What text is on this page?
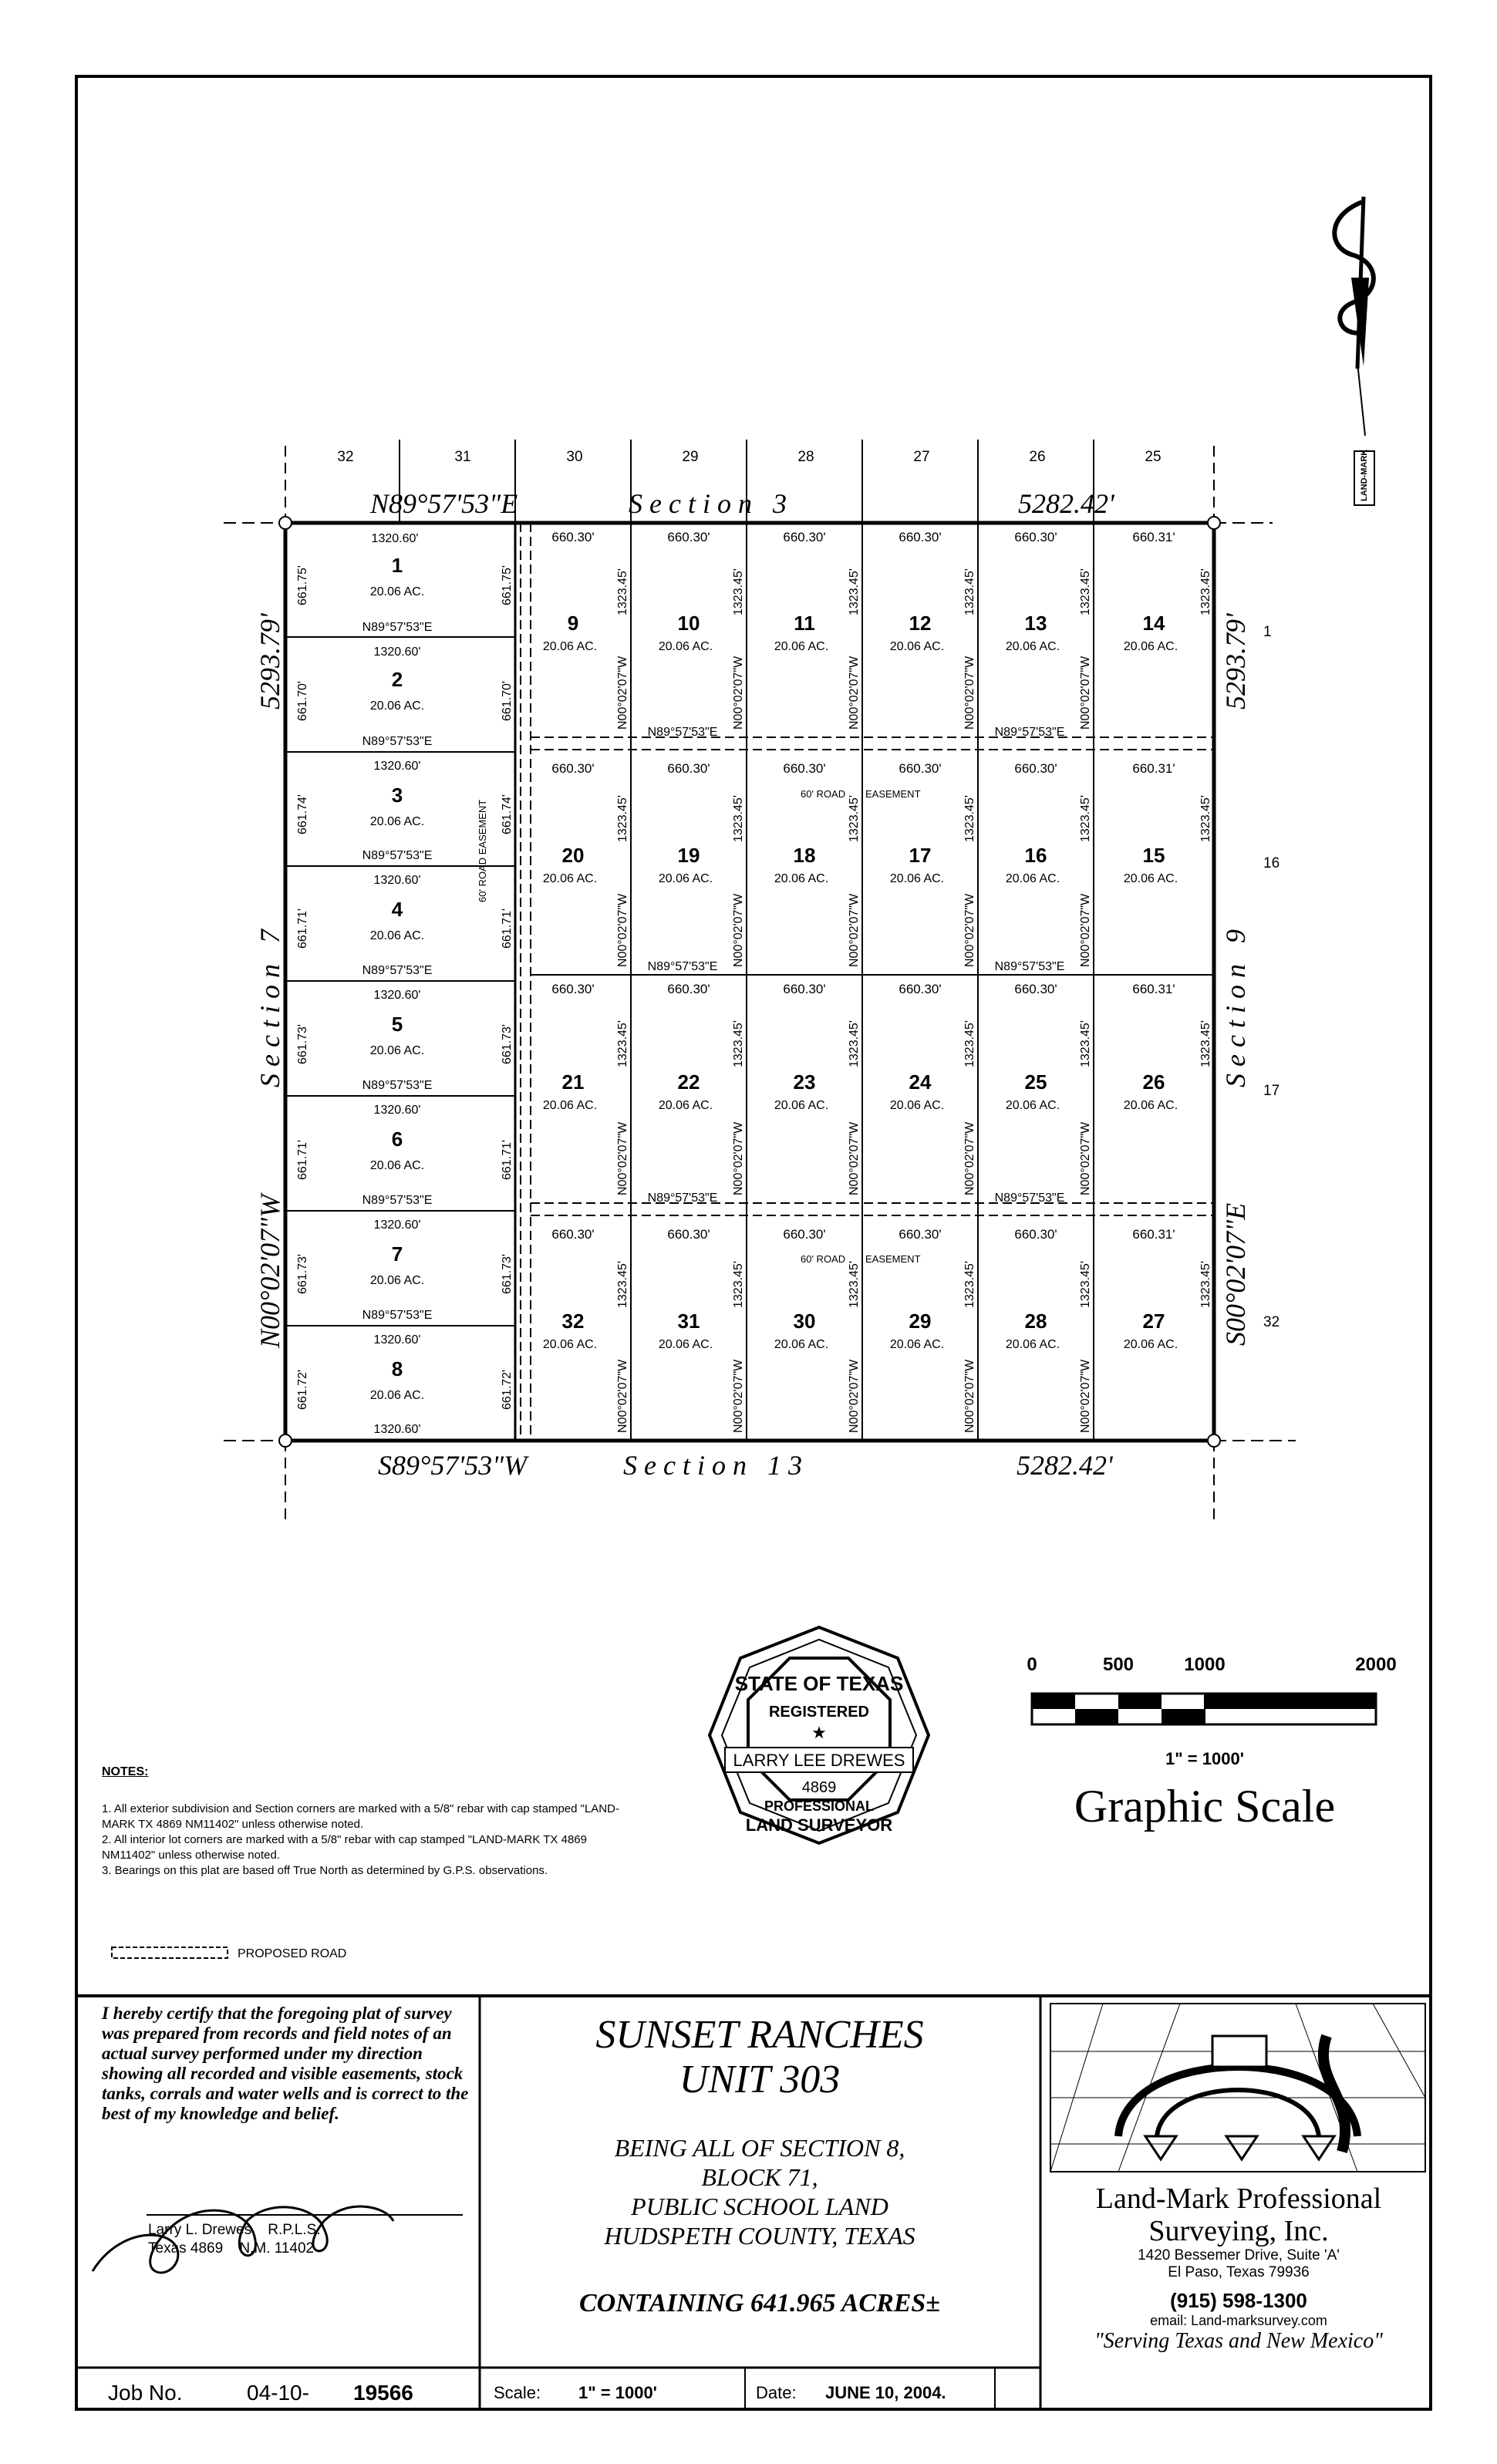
LAND-MARK
32	31	30	29	28	27	26	25
1
16
17
32
N89°57'53"E	S e c t i o n   3	5282.42'
S89°57'53"W	S e c t i o n   1 3	5282.42'
N00°02'07"W
5293.79'
S e c t i o n   7
S00°02'07"E
5293.79'
S e c t i o n   9
1320.60'
1
20.06 AC.
N89°57'53"E
1320.60'
2
20.06 AC.
N89°57'53"E
1320.60'
3
20.06 AC.
N89°57'53"E
1320.60'
4
20.06 AC.
N89°57'53"E
1320.60'
5
20.06 AC.
N89°57'53"E
1320.60'
6
20.06 AC.
N89°57'53"E
1320.60'
7
20.06 AC.
N89°57'53"E
1320.60'
8
20.06 AC.
1320.60'
661.75'
661.70'
661.74'
661.71'
661.73'
661.71'
661.73'
661.72'
661.75'
661.70'
661.74'
661.71'
661.73'
661.71'
661.73'
661.72'
60' ROAD EASEMENT
660.30'
9
20.06 AC.
1323.45'
N00°02'07"W
660.30'
10
20.06 AC.
1323.45'
N00°02'07"W
660.30'
11
20.06 AC.
1323.45'
N00°02'07"W
660.30'
12
20.06 AC.
1323.45'
N00°02'07"W
660.30'
13
20.06 AC.
1323.45'
N00°02'07"W
660.31'
14
20.06 AC.
1323.45'
660.30'
20
20.06 AC.
1323.45'
N00°02'07"W
660.30'
19
20.06 AC.
1323.45'
N00°02'07"W
660.30'
18
20.06 AC.
1323.45'
N00°02'07"W
660.30'
17
20.06 AC.
1323.45'
N00°02'07"W
660.30'
16
20.06 AC.
1323.45'
N00°02'07"W
660.31'
15
20.06 AC.
1323.45'
660.30'
21
20.06 AC.
1323.45'
N00°02'07"W
660.30'
22
20.06 AC.
1323.45'
N00°02'07"W
660.30'
23
20.06 AC.
1323.45'
N00°02'07"W
660.30'
24
20.06 AC.
1323.45'
N00°02'07"W
660.30'
25
20.06 AC.
1323.45'
N00°02'07"W
660.31'
26
20.06 AC.
1323.45'
660.30'
32
20.06 AC.
1323.45'
N00°02'07"W
660.30'
31
20.06 AC.
1323.45'
N00°02'07"W
660.30'
30
20.06 AC.
1323.45'
N00°02'07"W
660.30'
29
20.06 AC.
1323.45'
N00°02'07"W
660.30'
28
20.06 AC.
1323.45'
N00°02'07"W
660.31'
27
20.06 AC.
1323.45'
N89°57'53"E
N89°57'53"E
N89°57'53"E
N89°57'53"E
N89°57'53"E
N89°57'53"E
60' ROAD EASEMENT
60' ROAD EASEMENT
0	500	1000	2000
1" = 1000'
Graphic Scale
STATE OF TEXAS
REGISTERED
★
LARRY LEE DREWES
4869
PROFESSIONAL
LAND SURVEYOR
PROPOSED ROAD
Job No.	04-10- 19566	Scale: 1" = 1000'	Date: JUNE 10, 2004.
NOTES:

1. All exterior subdivision and Section corners are marked with a 5/8" rebar with cap stamped "LAND-MARK TX 4869 NM11402" unless otherwise noted.

2. All interior lot corners are marked with a 5/8" rebar with cap stamped "LAND-MARK TX 4869 NM11402" unless otherwise noted.

3. Bearings on this plat are based off True North as determined by G.P.S. observations.

I hereby certify that the foregoing plat of survey was prepared from records and field notes of an actual survey performed under my direction showing all recorded and visible easements, stock tanks, corrals and water wells and is correct to the best of my knowledge and belief.
Larry L. Drewes, R.P.L.S.
Texas 4869 N.M. 11402
SUNSET RANCHES
UNIT 303
BEING ALL OF SECTION 8,
BLOCK 71,
PUBLIC SCHOOL LAND
HUDSPETH COUNTY, TEXAS
CONTAINING 641.965 ACRES±
Land-Mark Professional
Surveying, Inc.
1420 Bessemer Drive, Suite 'A'
El Paso, Texas 79936
(915) 598-1300
email: Land-marksurvey.com
"Serving Texas and New Mexico"
